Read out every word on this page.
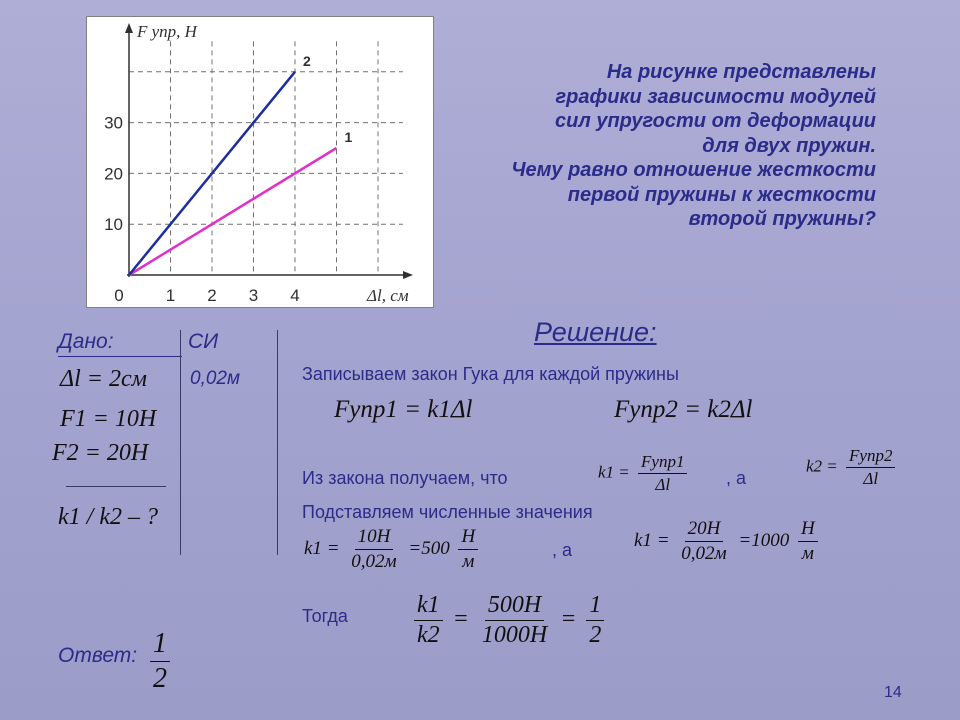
1
2
0 1 2 3 4
10
20
30
Δl, см
F упр, Н
На рисунке представлены
графики зависимости модулей
сил упругости от деформации
для двух пружин.
Чему равно отношение жесткости
первой пружины к жесткости
второй пружины?
Дано:	СИ
Δl = 2см 0,02м
F1 = 10Н
F2 = 20Н
k1 / k2 – ?
Решение:
Записываем закон Гука для каждой пружины
Fупр1 = k1Δl	Fупр2 = k2Δl
Из закона получаем, что	$k1 = \frac{\text{Fупр1}}{\Delta l}$ , а
$k2 = \frac{\text{Fупр2}}{\Delta l}$
Подставляем численные значения
$k1 = \frac{10Н}{0,02м} =500 \frac{Н}{м}$	, а	$k1 = \frac{20Н}{0,02м} =1000 \frac{Н}{м}$
Тогда	$\frac{k1}{k2} = \frac{500Н}{1000Н} = \frac{1}{2}$
Ответ: $\frac{1}{2}$	14
